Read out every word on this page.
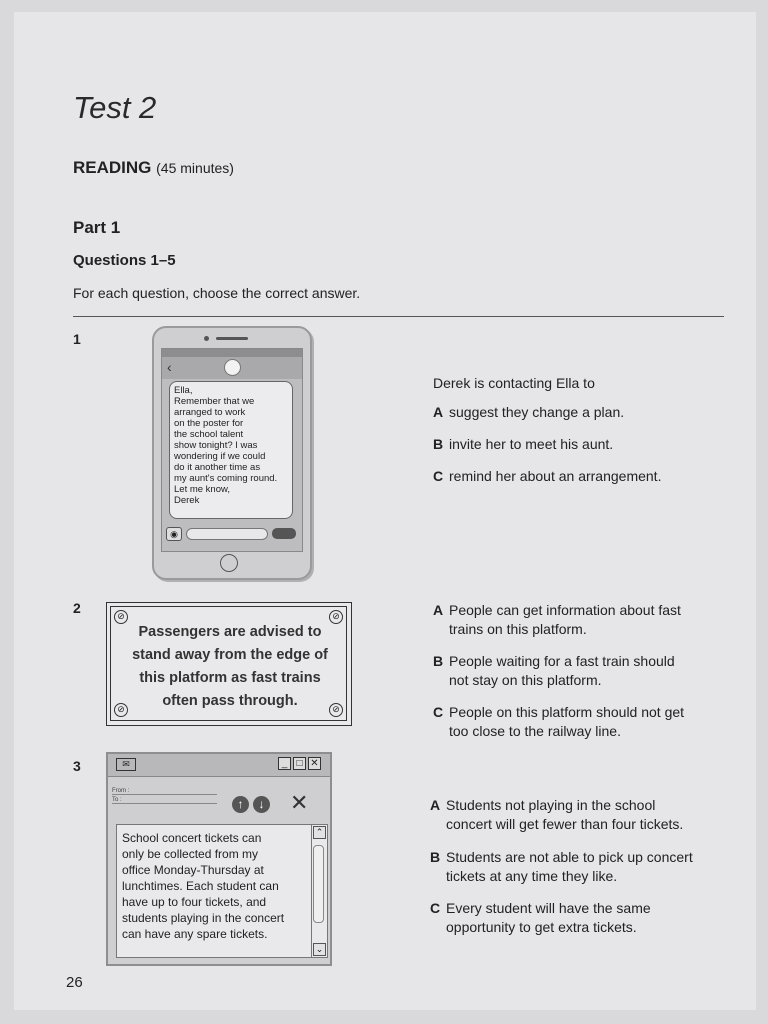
Test 2
READING (45 minutes)
Part 1
Questions 1–5
For each question, choose the correct answer.
1
‹
Ella,
Remember that we
arranged to work
on the poster for
the school talent
show tonight? I was
wondering if we could
do it another time as
my aunt's coming round.
Let me know,
Derek
◉
Derek is contacting Ella to
A suggest they change a plan.
B invite her to meet his aunt.
C remind her about an arrangement.
2	⊘	⊘
⊘	⊘
Passengers are advised to
stand away from the edge of
this platform as fast trains
often pass through.
A People can get information about fast
trains on this platform.
B People waiting for a fast train should
not stay on this platform.
C People on this platform should not get
too close to the railway line.
3	✉	_ □ ✕
From :
To :	↑	↓ ✕
School concert tickets can
only be collected from my
office Monday-Thursday at
lunchtimes. Each student can
have up to four tickets, and
students playing in the concert
can have any spare tickets.
⌃
⌄
A Students not playing in the school
concert will get fewer than four tickets.
B Students are not able to pick up concert
tickets at any time they like.
C Every student will have the same
opportunity to get extra tickets.
26
